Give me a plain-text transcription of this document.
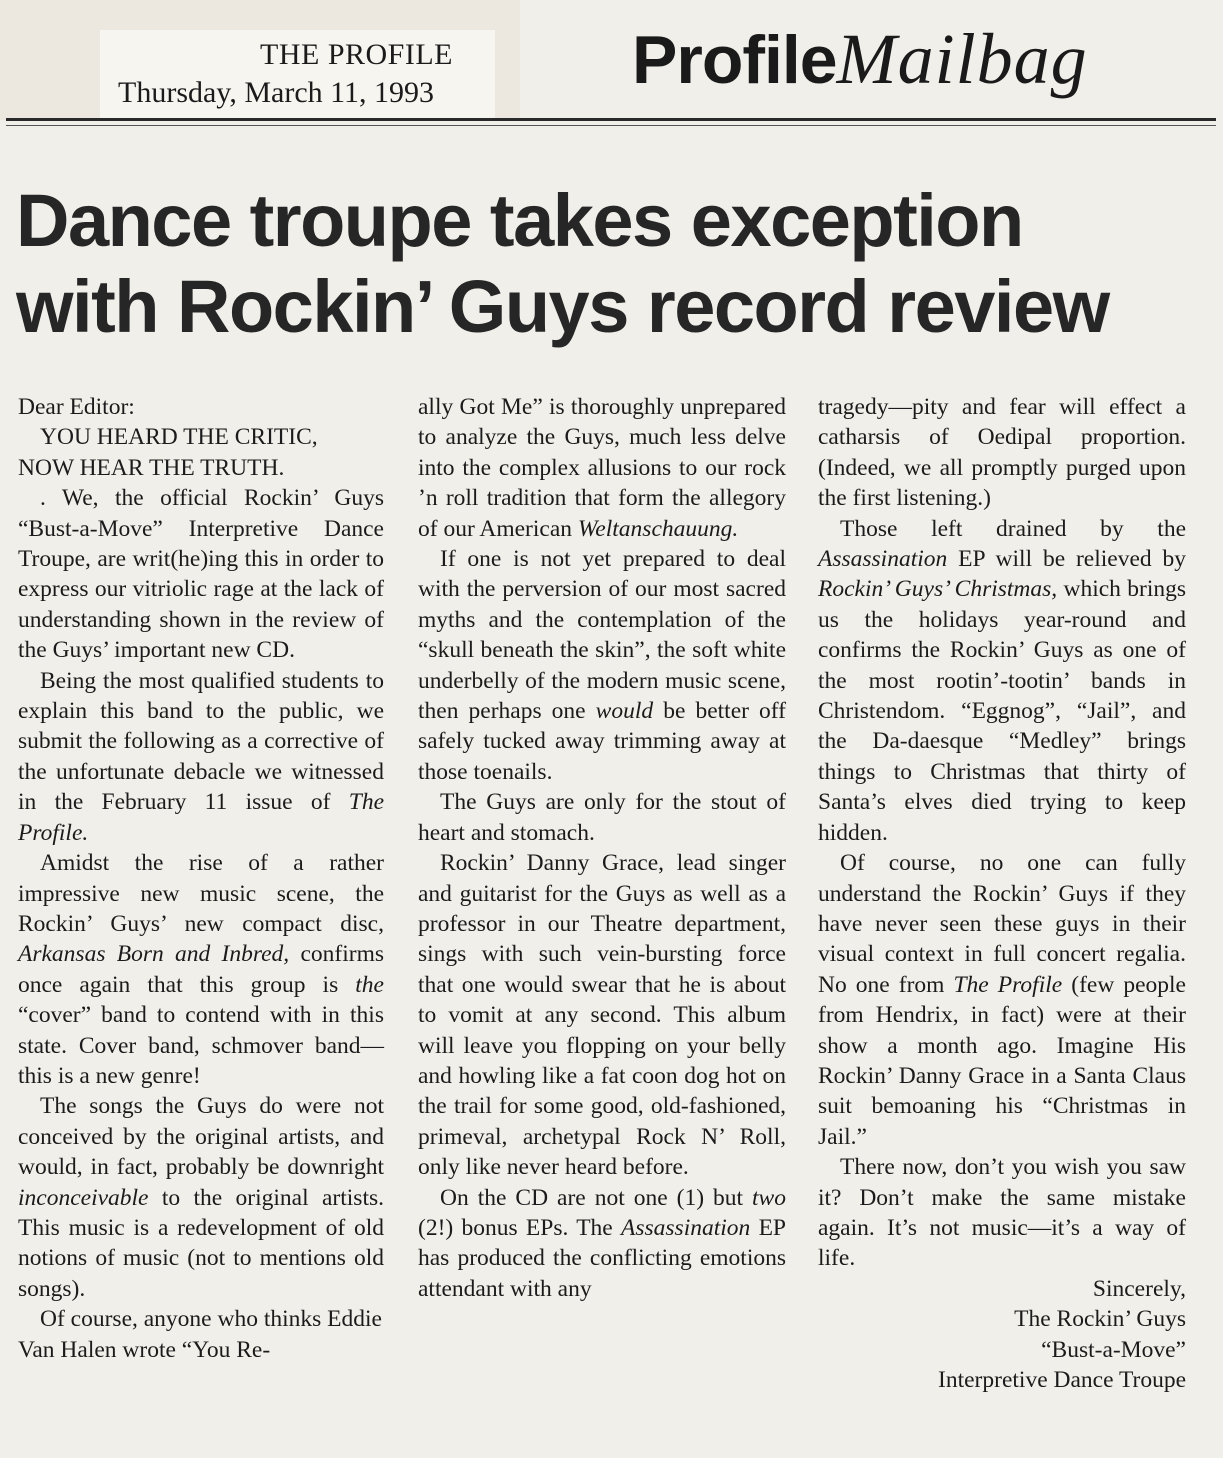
THE PROFILE
Thursday, March 11, 1993	ProfileMailbag
Dance troupe takes exception
with Rockin’ Guys record review

Dear Editor:

YOU HEARD THE CRITIC,

NOW HEAR THE TRUTH.

. We, the official Rockin’ Guys “Bust-a-Move” Interpretive Dance Troupe, are writ(he)ing this in order to express our vitriolic rage at the lack of understanding shown in the review of the Guys’ important new CD.

Being the most qualified students to explain this band to the public, we submit the following as a corrective of the unfortunate debacle we witnessed in the February 11 issue of The Profile.

Amidst the rise of a rather impressive new music scene, the Rockin’ Guys’ new compact disc, Arkansas Born and Inbred, confirms once again that this group is the “cover” band to contend with in this state. Cover band, schmover band—this is a new genre!

The songs the Guys do were not conceived by the original artists, and would, in fact, probably be downright inconceivable to the original artists. This music is a redevelopment of old notions of music (not to mentions old songs).

Of course, anyone who thinks Eddie Van Halen wrote “You Re-

ally Got Me” is thoroughly unprepared to analyze the Guys, much less delve into the complex allusions to our rock ’n roll tradition that form the allegory of our American Weltanschauung.

If one is not yet prepared to deal with the perversion of our most sacred myths and the contemplation of the “skull beneath the skin”, the soft white underbelly of the modern music scene, then perhaps one would be better off safely tucked away trimming away at those toenails.

The Guys are only for the stout of heart and stomach.

Rockin’ Danny Grace, lead singer and guitarist for the Guys as well as a professor in our Theatre department, sings with such vein-bursting force that one would swear that he is about to vomit at any second. This album will leave you flopping on your belly and howling like a fat coon dog hot on the trail for some good, old-fashioned, primeval, archetypal Rock N’ Roll, only like never heard before.

On the CD are not one (1) but two (2!) bonus EPs. The Assassination EP has produced the conflicting emotions attendant with any

tragedy—pity and fear will effect a catharsis of Oedipal proportion. (Indeed, we all promptly purged upon the first listening.)

Those left drained by the Assassination EP will be relieved by Rockin’ Guys’ Christmas, which brings us the holidays year-round and confirms the Rockin’ Guys as one of the most rootin’-tootin’ bands in Christendom. “Eggnog”, “Jail”, and the Da-daesque “Medley” brings things to Christmas that thirty of Santa’s elves died trying to keep hidden.

Of course, no one can fully understand the Rockin’ Guys if they have never seen these guys in their visual context in full concert regalia. No one from The Profile (few people from Hendrix, in fact) were at their show a month ago. Imagine His Rockin’ Danny Grace in a Santa Claus suit bemoaning his “Christmas in Jail.”

There now, don’t you wish you saw it? Don’t make the same mistake again. It’s not music—it’s a way of life.

Sincerely,

The Rockin’ Guys

“Bust-a-Move”

Interpretive Dance Troupe
